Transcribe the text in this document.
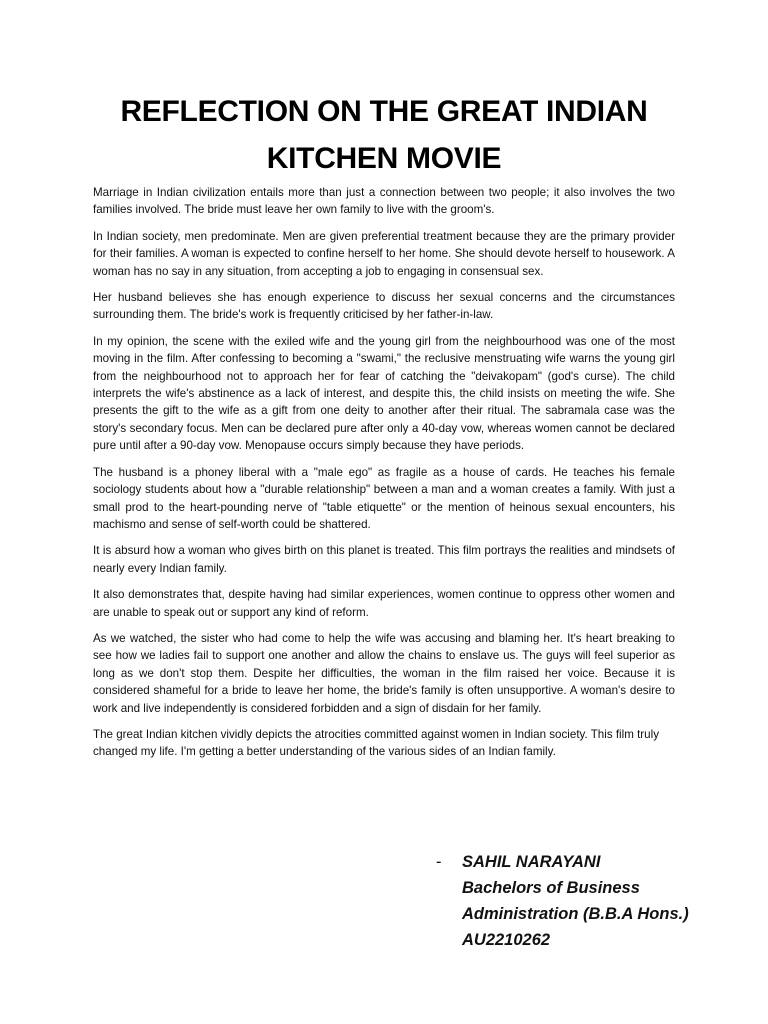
REFLECTION ON THE GREAT INDIAN KITCHEN MOVIE

Marriage in Indian civilization entails more than just a connection between two people; it also involves the two families involved. The bride must leave her own family to live with the groom's.

In Indian society, men predominate. Men are given preferential treatment because they are the primary provider for their families. A woman is expected to confine herself to her home. She should devote herself to housework. A woman has no say in any situation, from accepting a job to engaging in consensual sex.

Her husband believes she has enough experience to discuss her sexual concerns and the circumstances surrounding them. The bride's work is frequently criticised by her father-in-law.

In my opinion, the scene with the exiled wife and the young girl from the neighbourhood was one of the most moving in the film. After confessing to becoming a "swami," the reclusive menstruating wife warns the young girl from the neighbourhood not to approach her for fear of catching the "deivakopam" (god's curse). The child interprets the wife's abstinence as a lack of interest, and despite this, the child insists on meeting the wife. She presents the gift to the wife as a gift from one deity to another after their ritual. The sabramala case was the story's secondary focus. Men can be declared pure after only a 40-day vow, whereas women cannot be declared pure until after a 90-day vow. Menopause occurs simply because they have periods.

The husband is a phoney liberal with a "male ego" as fragile as a house of cards. He teaches his female sociology students about how a "durable relationship" between a man and a woman creates a family. With just a small prod to the heart-pounding nerve of "table etiquette" or the mention of heinous sexual encounters, his machismo and sense of self-worth could be shattered.

It is absurd how a woman who gives birth on this planet is treated. This film portrays the realities and mindsets of nearly every Indian family.

It also demonstrates that, despite having had similar experiences, women continue to oppress other women and are unable to speak out or support any kind of reform.

As we watched, the sister who had come to help the wife was accusing and blaming her. It's heart breaking to see how we ladies fail to support one another and allow the chains to enslave us. The guys will feel superior as long as we don't stop them. Despite her difficulties, the woman in the film raised her voice. Because it is considered shameful for a bride to leave her home, the bride's family is often unsupportive. A woman's desire to work and live independently is considered forbidden and a sign of disdain for her family.

The great Indian kitchen vividly depicts the atrocities committed against women in Indian society. This film truly changed my life. I'm getting a better understanding of the various sides of an Indian family.

- SAHIL NARAYANI
Bachelors of Business
Administration (B.B.A Hons.)
AU2210262
